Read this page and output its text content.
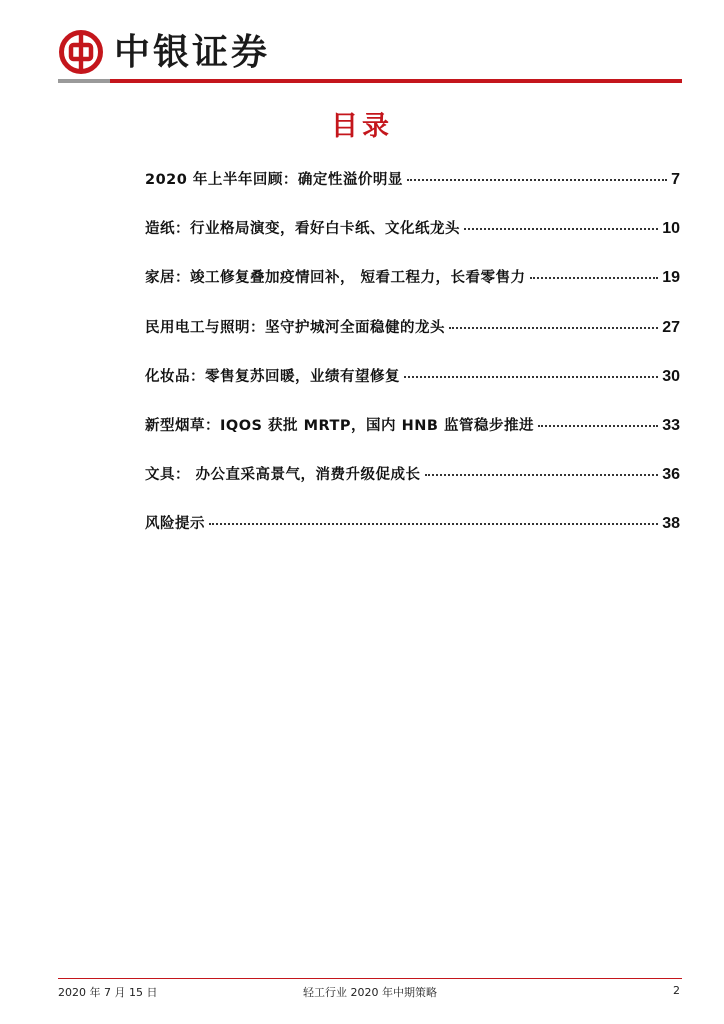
中银证券
目录
2020 年上半年回顾：确定性溢价明显	7
造纸：行业格局演变，看好白卡纸、文化纸龙头	10
家居：竣工修复叠加疫情回补， 短看工程力，长看零售力	19
民用电工与照明：坚守护城河全面稳健的龙头	27
化妆品：零售复苏回暖，业绩有望修复	30
新型烟草：IQOS 获批 MRTP，国内 HNB 监管稳步推进	33
文具： 办公直采高景气，消费升级促成长	36
风险提示	38
2020 年 7 月 15 日	轻工行业 2020 年中期策略	2
